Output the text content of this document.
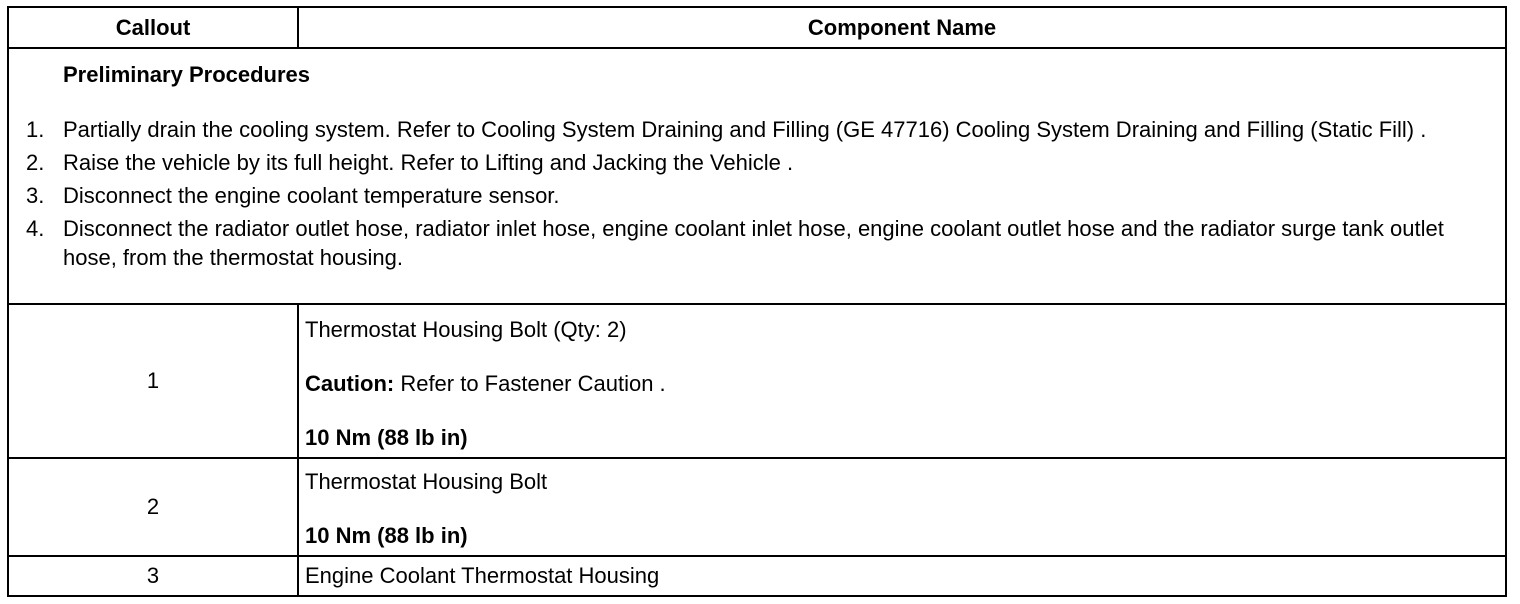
Callout	Component Name
Preliminary Procedures
1. Partially drain the cooling system. Refer to Cooling System Draining and Filling (GE 47716) Cooling System Draining and Filling (Static Fill) .
2. Raise the vehicle by its full height. Refer to Lifting and Jacking the Vehicle .
3. Disconnect the engine coolant temperature sensor.
4. Disconnect the radiator outlet hose, radiator inlet hose, engine coolant inlet hose, engine coolant outlet hose and the radiator surge tank outlet hose, from the thermostat housing.
1
Thermostat Housing Bolt (Qty: 2)
Caution: Refer to Fastener Caution .
10 Nm (88 lb in)
2
Thermostat Housing Bolt
10 Nm (88 lb in)
3	Engine Coolant Thermostat Housing
